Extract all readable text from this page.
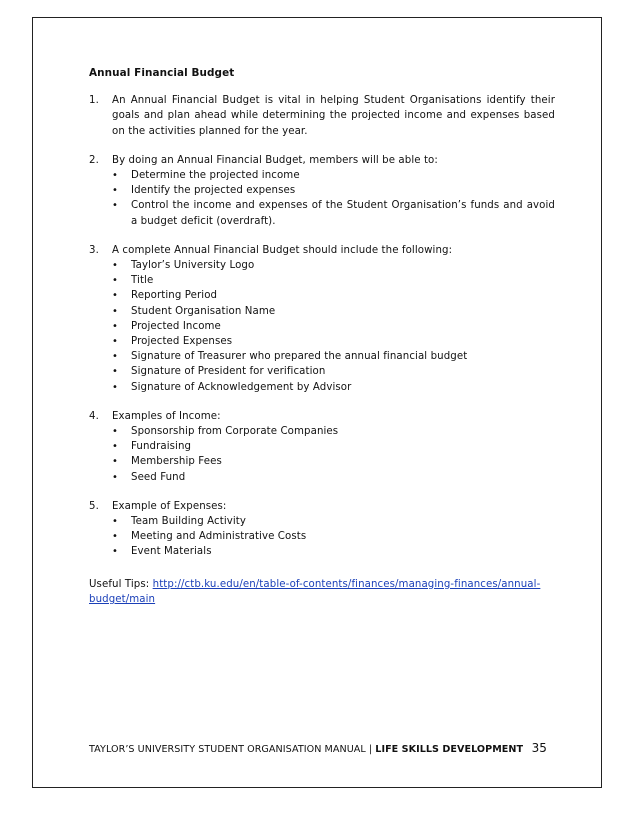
Annual Financial Budget
1.	An Annual Financial Budget is vital in helping Student Organisations identify their goals and plan ahead while determining the projected income and expenses based on the activities planned for the year.
2.	By doing an Annual Financial Budget, members will be able to:
•	Determine the projected income
•	Identify the projected expenses
•	Control the income and expenses of the Student Organisation’s funds and avoid a budget deficit (overdraft).
3.	A complete Annual Financial Budget should include the following:
•	Taylor’s University Logo
•	Title
•	Reporting Period
•	Student Organisation Name
•	Projected Income
•	Projected Expenses
•	Signature of Treasurer who prepared the annual financial budget
•	Signature of President for verification
•	Signature of Acknowledgement by Advisor
4.	Examples of Income:
•	Sponsorship from Corporate Companies
•	Fundraising
•	Membership Fees
•	Seed Fund
5.	Example of Expenses:
•	Team Building Activity
•	Meeting and Administrative Costs
•	Event Materials
Useful Tips: http://ctb.ku.edu/en/table-of-contents/finances/managing-finances/annual-budget/main
TAYLOR’S UNIVERSITY STUDENT ORGANISATION MANUAL | LIFE SKILLS DEVELOPMENT 35
